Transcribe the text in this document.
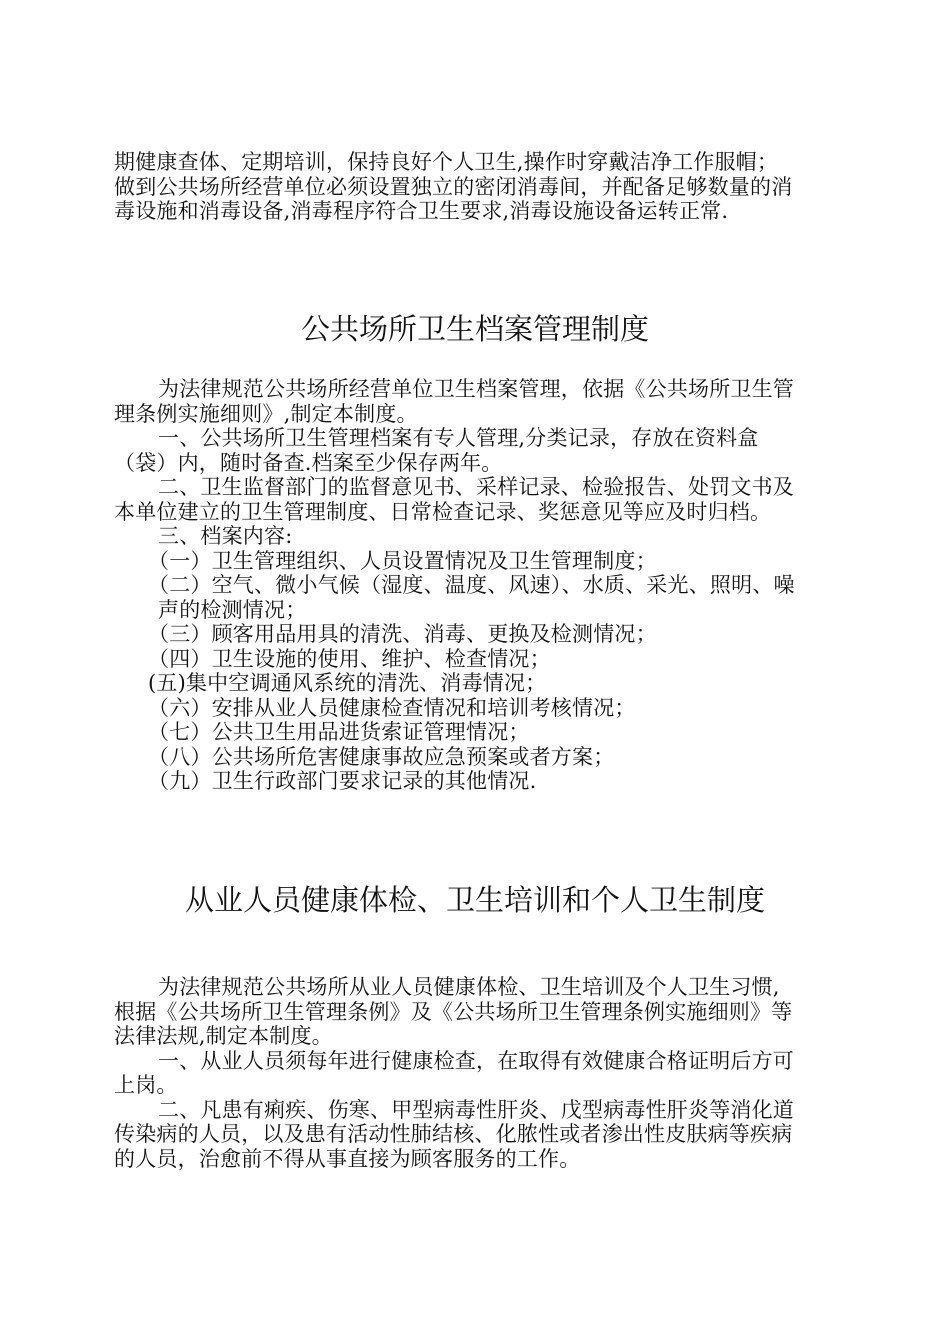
期健康查体、定期培训，保持良好个人卫生,操作时穿戴洁净工作服帽；
做到公共场所经营单位必须设置独立的密闭消毒间，并配备足够数量的消
毒设施和消毒设备,消毒程序符合卫生要求,消毒设施设备运转正常.
公共场所卫生档案管理制度
为法律规范公共场所经营单位卫生档案管理，依据《公共场所卫生管
理条例实施细则》,制定本制度。
一、公共场所卫生管理档案有专人管理,分类记录，存放在资料盒
（袋）内，随时备查.档案至少保存两年。
二、卫生监督部门的监督意见书、采样记录、检验报告、处罚文书及
本单位建立的卫生管理制度、日常检查记录、奖惩意见等应及时归档。
三、档案内容:
（一）卫生管理组织、人员设置情况及卫生管理制度；
（二）空气、微小气候（湿度、温度、风速）、水质、采光、照明、噪
声的检测情况；
（三）顾客用品用具的清洗、消毒、更换及检测情况；
（四）卫生设施的使用、维护、检查情况；
(五)集中空调通风系统的清洗、消毒情况；
（六）安排从业人员健康检查情况和培训考核情况；
（七）公共卫生用品进货索证管理情况；
（八）公共场所危害健康事故应急预案或者方案；
（九）卫生行政部门要求记录的其他情况.
从业人员健康体检、卫生培训和个人卫生制度
为法律规范公共场所从业人员健康体检、卫生培训及个人卫生习惯,
根据《公共场所卫生管理条例》及《公共场所卫生管理条例实施细则》等
法律法规,制定本制度。
一、从业人员须每年进行健康检查，在取得有效健康合格证明后方可
上岗。
二、凡患有痢疾、伤寒、甲型病毒性肝炎、戊型病毒性肝炎等消化道
传染病的人员，以及患有活动性肺结核、化脓性或者渗出性皮肤病等疾病
的人员，治愈前不得从事直接为顾客服务的工作。
